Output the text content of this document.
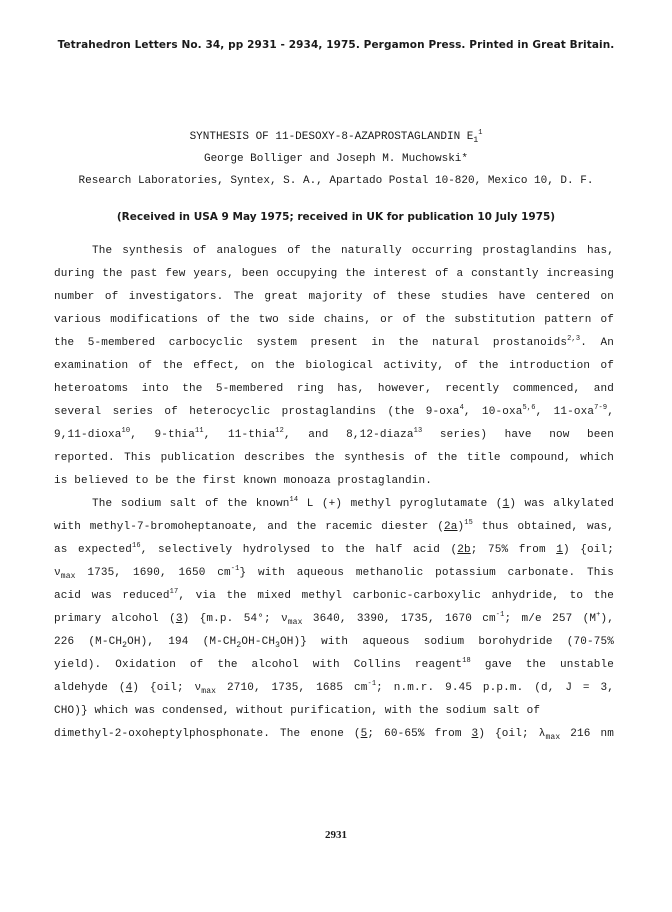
Tetrahedron Letters No. 34, pp 2931 - 2934, 1975. Pergamon Press. Printed in Great Britain.
SYNTHESIS OF 11-DESOXY-8-AZAPROSTAGLANDIN $E_1^1$
George Bolliger and Joseph M. Muchowski*
Research Laboratories, Syntex, S. A., Apartado Postal 10-820, Mexico 10, D. F.
(Received in USA 9 May 1975; received in UK for publication 10 July 1975)
The synthesis of analogues of the naturally occurring prostaglandins has,
during the past few years, been occupying the interest of a constantly increasing
number of investigators. The great majority of these studies have centered on
various modifications of the two side chains, or of the substitution pattern of
the 5-membered carbocyclic system present in the natural prostanoids$^{2,3}$. An
examination of the effect, on the biological activity, of the introduction of
heteroatoms into the 5-membered ring has, however, recently commenced, and
several series of heterocyclic prostaglandins (the 9-oxa$^4$, 10-oxa$^{5,6}$, 11-oxa$^{7-9}$,
9,11-dioxa$^{10}$, 9-thia$^{11}$, 11-thia$^{12}$, and 8,12-diaza$^{13}$ series) have now been
reported. This publication describes the synthesis of the title compound, which
is believed to be the first known monoaza prostaglandin.
The sodium salt of the known$^{14}$ L (+) methyl pyroglutamate (1) was alkylated
with methyl-7-bromoheptanoate, and the racemic diester $(2a)^{15}$ thus obtained, was,
as expected$^{16}$, selectively hydrolysed to the half acid (2b; 75% from 1) {oil;
$\nu_{max}$ 1735, 1690, 1650 $cm^{-1}$} with aqueous methanolic potassium carbonate. This
acid was reduced$^{17}$, via the mixed methyl carbonic-carboxylic anhydride, to the
primary alcohol (3) {m.p. 54°; $\nu_{max}$ 3640, 3390, 1735, 1670 $cm^{-1}$; m/e 257 (M+),
226 $(M-CH_2OH)$, 194 $(M-CH_2OH-CH_3OH)$} with aqueous sodium borohydride (70-75%
yield). Oxidation of the alcohol with Collins reagent$^{18}$ gave the unstable
aldehyde (4) {oil; $\nu_{max}$ 2710, 1735, 1685 $cm^{-1}$; n.m.r. 9.45 p.p.m. (d, J = 3,
CHO)} which was condensed, without purification, with the sodium salt of
dimethyl-2-oxoheptylphosphonate. The enone (5; 60-65% from 3) {oil; $\lambda_{max}$ 216 nm
2931
